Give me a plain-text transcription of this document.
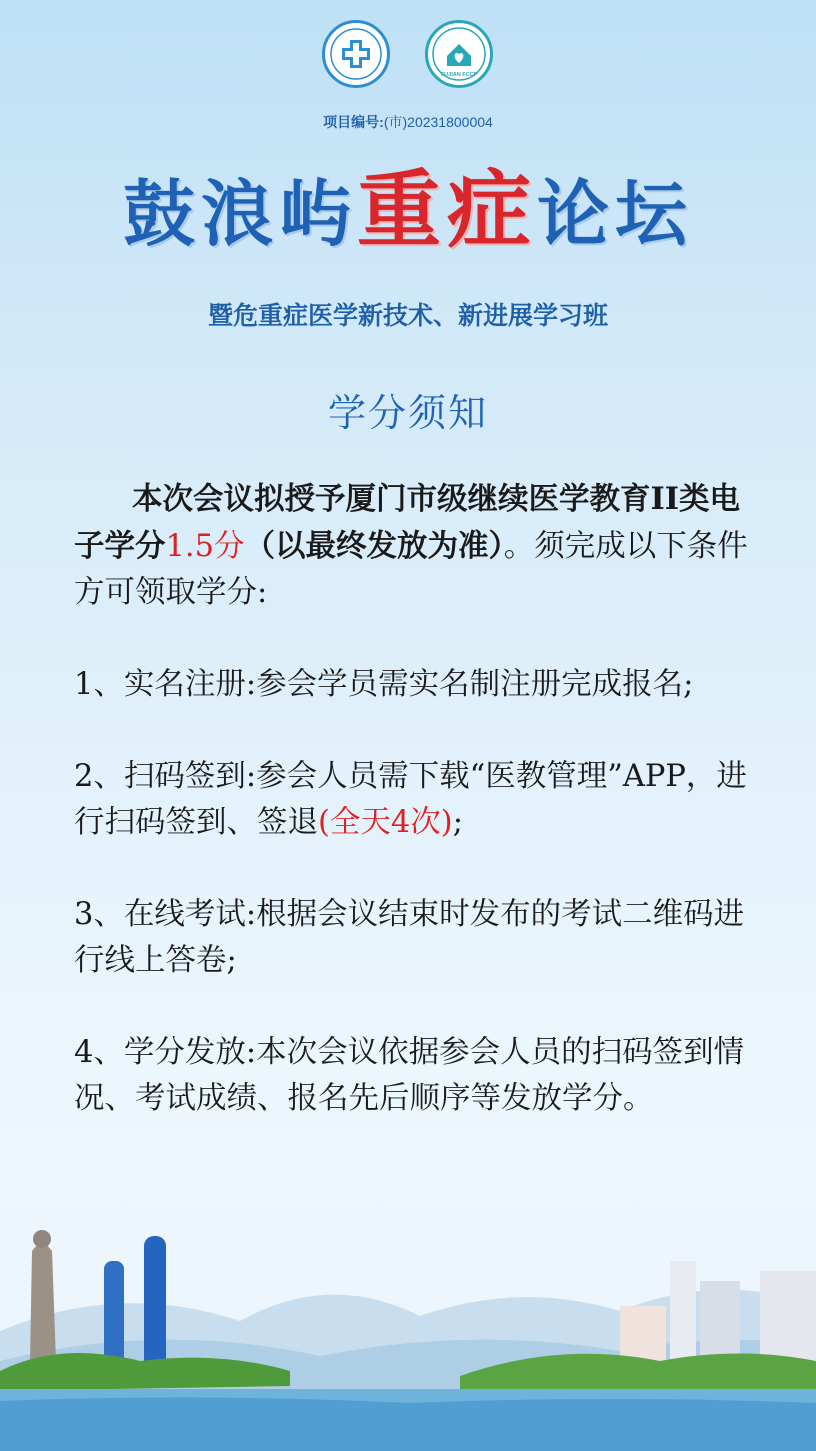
FUJIAN FCCP
项目编号:(市)20231800004
鼓浪屿重症论坛
暨危重症医学新技术、新进展学习班
学分须知

本次会议拟授予厦门市级继续医学教育II类电子学分1.5分（以最终发放为准）。须完成以下条件方可领取学分:

1、实名注册:参会学员需实名制注册完成报名;

2、扫码签到:参会人员需下载“医教管理”APP，进行扫码签到、签退(全天4次);

3、在线考试:根据会议结束时发布的考试二维码进行线上答卷;

4、学分发放:本次会议依据参会人员的扫码签到情况、考试成绩、报名先后顺序等发放学分。
